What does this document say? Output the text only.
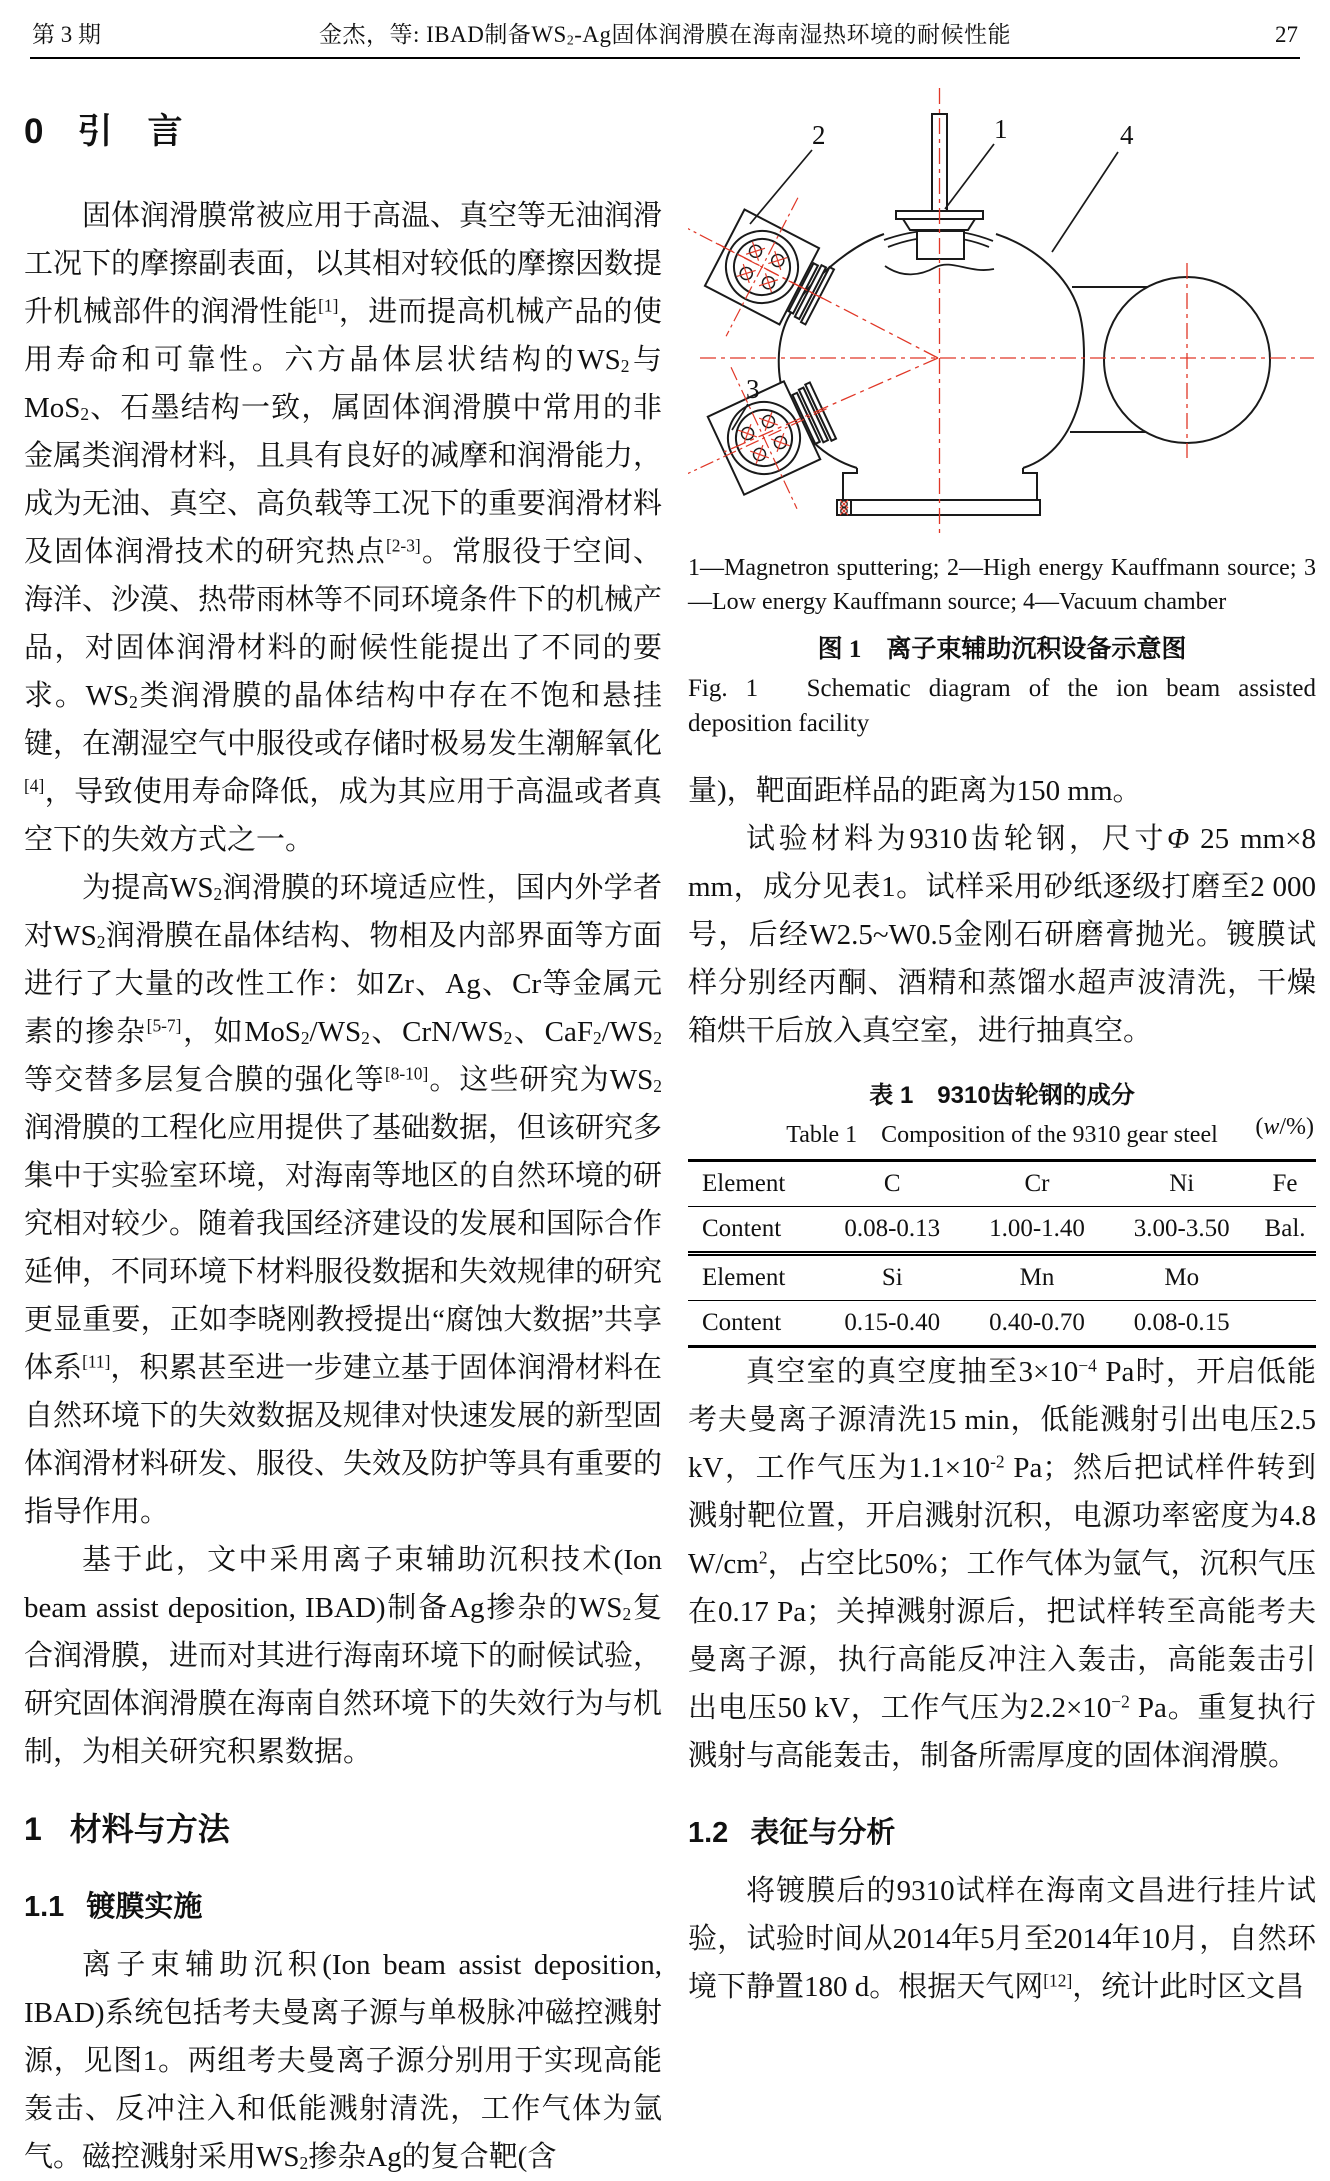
第 3 期	金杰，等: IBAD制备$WS_2-Ag$固体润滑膜在海南湿热环境的耐候性能	27
0 引　言

固体润滑膜常被应用于高温、真空等无油润滑工况下的摩擦副表面，以其相对较低的摩擦因数提升机械部件的润滑性能[1]，进而提高机械产品的使用寿命和可靠性。六方晶体层状结构的$WS_2$与MoS$_2$、石墨结构一致，属固体润滑膜中常用的非金属类润滑材料，且具有良好的减摩和润滑能力，成为无油、真空、高负载等工况下的重要润滑材料及固体润滑技术的研究热点[2-3]。常服役于空间、海洋、沙漠、热带雨林等不同环境条件下的机械产品，对固体润滑材料的耐候性能提出了不同的要求。$WS_2$类润滑膜的晶体结构中存在不饱和悬挂键，在潮湿空气中服役或存储时极易发生潮解氧化[4]，导致使用寿命降低，成为其应用于高温或者真空下的失效方式之一。

为提高$WS_2$润滑膜的环境适应性，国内外学者对$WS_2$润滑膜在晶体结构、物相及内部界面等方面进行了大量的改性工作：如Zr、Ag、Cr等金属元素的掺杂[5-7]，如$MoS_2/WS_2$、CrN/$WS_2$、$CaF_2/WS_2$等交替多层复合膜的强化等[8-10]。这些研究为$WS_2$润滑膜的工程化应用提供了基础数据，但该研究多集中于实验室环境，对海南等地区的自然环境的研究相对较少。随着我国经济建设的发展和国际合作延伸，不同环境下材料服役数据和失效规律的研究更显重要，正如李晓刚教授提出“腐蚀大数据”共享体系[11]，积累甚至进一步建立基于固体润滑材料在自然环境下的失效数据及规律对快速发展的新型固体润滑材料研发、服役、失效及防护等具有重要的指导作用。

基于此，文中采用离子束辅助沉积技术(Ion beam assist deposition, IBAD)制备Ag掺杂的$WS_2$复合润滑膜，进而对其进行海南环境下的耐候试验，研究固体润滑膜在海南自然环境下的失效行为与机制，为相关研究积累数据。

1 材料与方法
1.1 镀膜实施

离子束辅助沉积(Ion beam assist deposition, IBAD)系统包括考夫曼离子源与单极脉冲磁控溅射源，见图1。两组考夫曼离子源分别用于实现高能轰击、反冲注入和低能溅射清洗，工作气体为氩气。磁控溅射采用$WS_2$掺杂Ag的复合靶(含

1
2
3
4

1—Magnetron sputtering; 2—High energy Kauffmann source; 3—Low energy Kauffmann source; 4—Vacuum chamber

图 1　离子束辅助沉积设备示意图

Fig. 1　Schematic diagram of the ion beam assisted deposition facility

量)，靶面距样品的距离为150 mm。

试验材料为9310齿轮钢，尺寸Φ 25 mm×8 mm，成分见表1。试样采用砂纸逐级打磨至2 000号，后经W2.5~W0.5金刚石研磨膏抛光。镀膜试样分别经丙酮、酒精和蒸馏水超声波清洗，干燥箱烘干后放入真空室，进行抽真空。

表 1　9310齿轮钢的成分

Table 1　Composition of the 9310 gear steel (w/%)

Element	C	Cr	Ni	Fe
Content	0.08-0.13	1.00-1.40	3.00-3.50	Bal.
Element	Si	Mn	Mo	
Content	0.15-0.40	0.40-0.70	0.08-0.15	

真空室的真空度抽至$3\times 10^{-4}$ Pa时，开启低能考夫曼离子源清洗15 min，低能溅射引出电压2.5 kV，工作气压为$1.1\times 10^{-2}$ Pa；然后把试样件转到溅射靶位置，开启溅射沉积，电源功率密度为4.8 $W/cm^2$，占空比50%；工作气体为氩气，沉积气压在0.17 Pa；关掉溅射源后，把试样转至高能考夫曼离子源，执行高能反冲注入轰击，高能轰击引出电压50 kV，工作气压为$2.2\times 10^{-2}$ Pa。重复执行溅射与高能轰击，制备所需厚度的固体润滑膜。

1.2 表征与分析

将镀膜后的9310试样在海南文昌进行挂片试验，试验时间从2014年5月至2014年10月，自然环境下静置180 d。根据天气网[12]，统计此时区文昌
